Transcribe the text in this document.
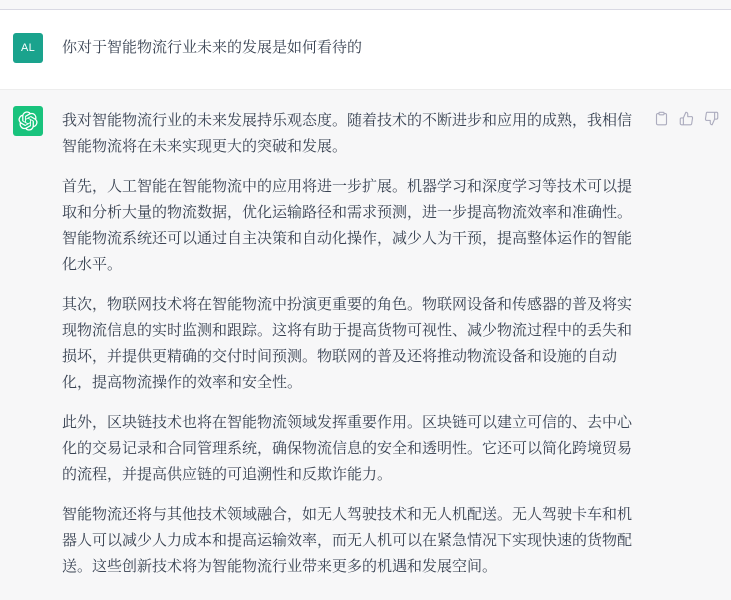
AL 你对于智能物流行业未来的发展是如何看待的

我对智能物流行业的未来发展持乐观态度。随着技术的不断进步和应用的成熟，我相信智能物流将在未来实现更大的突破和发展。

首先，人工智能在智能物流中的应用将进一步扩展。机器学习和深度学习等技术可以提取和分析大量的物流数据，优化运输路径和需求预测，进一步提高物流效率和准确性。智能物流系统还可以通过自主决策和自动化操作，减少人为干预，提高整体运作的智能化水平。

其次，物联网技术将在智能物流中扮演更重要的角色。物联网设备和传感器的普及将实现物流信息的实时监测和跟踪。这将有助于提高货物可视性、减少物流过程中的丢失和损坏，并提供更精确的交付时间预测。物联网的普及还将推动物流设备和设施的自动化，提高物流操作的效率和安全性。

此外，区块链技术也将在智能物流领域发挥重要作用。区块链可以建立可信的、去中心化的交易记录和合同管理系统，确保物流信息的安全和透明性。它还可以简化跨境贸易的流程，并提高供应链的可追溯性和反欺诈能力。

智能物流还将与其他技术领域融合，如无人驾驶技术和无人机配送。无人驾驶卡车和机器人可以减少人力成本和提高运输效率，而无人机可以在紧急情况下实现快速的货物配送。这些创新技术将为智能物流行业带来更多的机遇和发展空间。
